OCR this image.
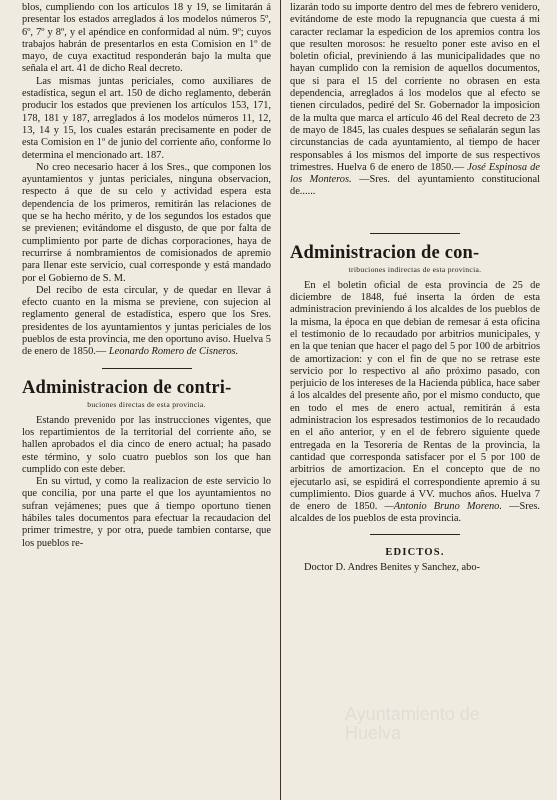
blos, cumpliendo con los artículos 18 y 19, se limitarán á presentar los estados arreglados á los modelos números 5º, 6º, 7º y 8º, y el apéndice en conformidad al núm. 9º; cuyos trabajos habrán de presentarlos en esta Comision en 1º de mayo, de cuya exactitud responderán bajo la multa que señala el art. 41 de dicho Real decreto.

Las mismas juntas periciales, como auxiliares de estadística, segun el art. 150 de dicho reglamento, deberán producir los estados que previenen los artículos 153, 171, 178, 181 y 187, arreglados á los modelos números 11, 12, 13, 14 y 15, los cuales estarán precisamente en poder de esta Comision en 1º de junio del corriente año, conforme lo determina el mencionado art. 187.

No creo necesario hacer á los Sres., que componen los ayuntamientos y juntas periciales, ninguna observacion, respecto á que de su celo y actividad espera esta dependencia de los primeros, remitirán las relaciones de que se ha hecho mérito, y de los segundos los estados que se previenen; evitándome el disgusto, de que por falta de cumplimiento por parte de dichas corporaciones, haya de recurrirse á nombramientos de comisionados de apremio para llenar este servicio, cual corresponde y está mandado por el Gobierno de S. M.

Del recibo de esta circular, y de quedar en llevar á efecto cuanto en la misma se previene, con sujecion al reglamento general de estadística, espero que los Sres. presidentes de los ayuntamientos y juntas periciales de los pueblos de esta provincia, me den oportuno aviso. Huelva 5 de enero de 1850.— Leonardo Romero de Cisneros.

Administracion de contri-
buciones directas de esta provincia.

Estando prevenido por las instrucciones vigentes, que los repartimientos de la territorial del corriente año, se hallen aprobados el dia cinco de enero actual; ha pasado este término, y solo cuatro pueblos son los que han cumplido con este deber.

En su virtud, y como la realizacion de este servicio lo que concilia, por una parte el que los ayuntamientos no sufran vejámenes; pues que á tiempo oportuno tienen hábiles tales documentos para efectuar la recaudacion del primer trimestre, y por otra, puede tambien contarse, que los pueblos re-

lizarán todo su importe dentro del mes de febrero venidero, evitándome de este modo la repugnancia que cuesta á mi caracter reclamar la espedicion de los apremios contra los que resulten morosos: he resuelto poner este aviso en el boletin oficial, previniendo á las municipalidades que no hayan cumplido con la remision de aquellos documentos, que si para el 15 del corriente no obrasen en esta dependencia, arreglados á los modelos que al efecto se tienen circulados, pediré del Sr. Gobernador la imposicion de la multa que marca el artículo 46 del Real decreto de 23 de mayo de 1845, las cuales despues se señalarán segun las circunstancias de cada ayuntamiento, al tiempo de hacer responsables á los mismos del importe de sus respectivos trimestres. Huelva 6 de enero de 1850.— José Espinosa de los Monteros. —Sres. del ayuntamiento constitucional de......

Administracion de con-
tribuciones indirectas de esta provincia.

En el boletin oficial de esta provincia de 25 de diciembre de 1848, fué inserta la órden de esta administracion previniendo á los alcaldes de los pueblos de la misma, la época en que debian de remesar á esta oficina el testimonio de lo recaudado por arbitrios municipales, y en la que tenian que hacer el pago del 5 por 100 de arbitrios de amortizacion: y con el fin de que no se retrase este servicio por lo respectivo al año próximo pasado, con perjuicio de los intereses de la Hacienda pública, hace saber á los alcaldes del presente año, por el mismo conducto, que en todo el mes de enero actual, remitirán á esta administracion los espresados testimonios de lo recaudado en el año anterior, y en el de febrero siguiente quede entregada en la Tesorería de Rentas de la provincia, la cantidad que corresponda satisfacer por el 5 por 100 de arbitrios de amortizacion. En el concepto que de no ejecutarlo asi, se espidirá el correspondiente apremio á su cumplimiento. Dios guarde á VV. muchos años. Huelva 7 de enero de 1850. —Antonio Bruno Moreno. —Sres. alcaldes de los pueblos de esta provincia.

EDICTOS.

Doctor D. Andres Benites y Sanchez, abo-

Ayuntamiento de Huelva
